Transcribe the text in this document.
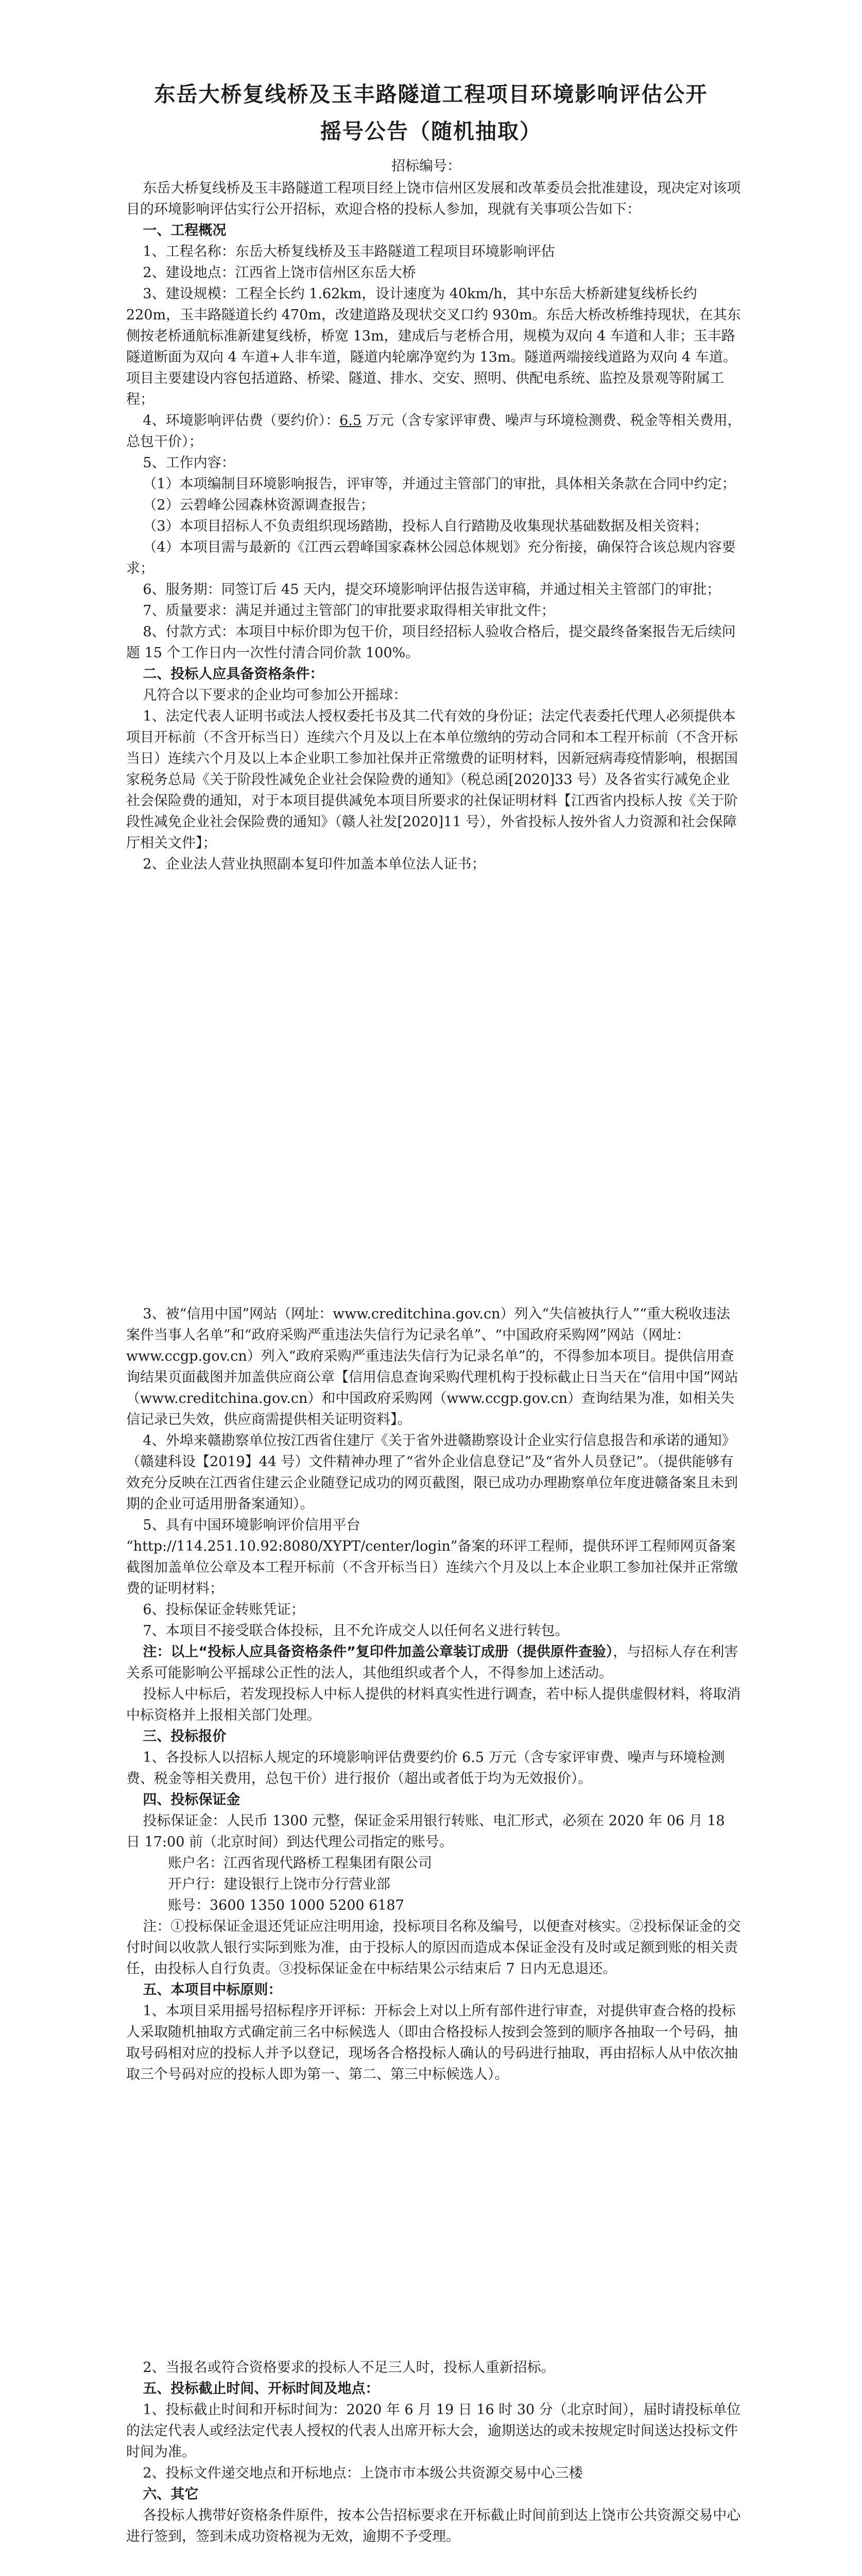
东岳大桥复线桥及玉丰路隧道工程项目环境影响评估公开
摇号公告（随机抽取）
招标编号：

东岳大桥复线桥及玉丰路隧道工程项目经上饶市信州区发展和改革委员会批准建设，现决定对该项目的环境影响评估实行公开招标，欢迎合格的投标人参加，现就有关事项公告如下：

一、工程概况

1、工程名称：东岳大桥复线桥及玉丰路隧道工程项目环境影响评估

2、建设地点：江西省上饶市信州区东岳大桥

3、建设规模：工程全长约 1.62km，设计速度为 40km/h，其中东岳大桥新建复线桥长约 220m，玉丰路隧道长约 470m，改建道路及现状交叉口约 930m。东岳大桥改桥维持现状，在其东侧按老桥通航标准新建复线桥，桥宽 13m，建成后与老桥合用，规模为双向 4 车道和人非；玉丰路隧道断面为双向 4 车道+人非车道，隧道内轮廓净宽约为 13m。隧道两端接线道路为双向 4 车道。项目主要建设内容包括道路、桥梁、隧道、排水、交安、照明、供配电系统、监控及景观等附属工程；

4、环境影响评估费（要约价）：6.5 万元（含专家评审费、噪声与环境检测费、税金等相关费用，总包干价）；

5、工作内容：

（1）本项编制目环境影响报告，评审等，并通过主管部门的审批，具体相关条款在合同中约定；

（2）云碧峰公园森林资源调查报告；

（3）本项目招标人不负责组织现场踏勘，投标人自行踏勘及收集现状基础数据及相关资料；

（4）本项目需与最新的《江西云碧峰国家森林公园总体规划》充分衔接，确保符合该总规内容要求；

6、服务期：同签订后 45 天内，提交环境影响评估报告送审稿，并通过相关主管部门的审批；

7、质量要求：满足并通过主管部门的审批要求取得相关审批文件；

8、付款方式：本项目中标价即为包干价，项目经招标人验收合格后，提交最终备案报告无后续问题 15 个工作日内一次性付清合同价款 100%。

二、投标人应具备资格条件：

凡符合以下要求的企业均可参加公开摇球：

1、法定代表人证明书或法人授权委托书及其二代有效的身份证；法定代表委托代理人必须提供本项目开标前（不含开标当日）连续六个月及以上在本单位缴纳的劳动合同和本工程开标前（不含开标当日）连续六个月及以上本企业职工参加社保并正常缴费的证明材料，因新冠病毒疫情影响，根据国家税务总局《关于阶段性减免企业社会保险费的通知》（税总函[2020]33 号）及各省实行减免企业社会保险费的通知，对于本项目提供减免本项目所要求的社保证明材料【江西省内投标人按《关于阶段性减免企业社会保险费的通知》（赣人社发[2020]11 号），外省投标人按外省人力资源和社会保障厅相关文件】；

2、企业法人营业执照副本复印件加盖本单位法人证书；

3、被“信用中国”网站（网址：www.creditchina.gov.cn）列入“失信被执行人”“重大税收违法案件当事人名单”和“政府采购严重违法失信行为记录名单”、“中国政府采购网”网站（网址：www.ccgp.gov.cn）列入“政府采购严重违法失信行为记录名单”的，不得参加本项目。提供信用查询结果页面截图并加盖供应商公章【信用信息查询采购代理机构于投标截止日当天在“信用中国”网站（www.creditchina.gov.cn）和中国政府采购网（www.ccgp.gov.cn）查询结果为准，如相关失信记录已失效，供应商需提供相关证明资料】。

4、外埠来赣勘察单位按江西省住建厅《关于省外进赣勘察设计企业实行信息报告和承诺的通知》（赣建科设【2019】44 号）文件精神办理了“省外企业信息登记”及“省外人员登记”。（提供能够有效充分反映在江西省住建云企业随登记成功的网页截图，限已成功办理勘察单位年度进赣备案且未到期的企业可适用册备案通知）。

5、具有中国环境影响评价信用平台

“http://114.251.10.92:8080/XYPT/center/login”备案的环评工程师，提供环评工程师网页备案截图加盖单位公章及本工程开标前（不含开标当日）连续六个月及以上本企业职工参加社保并正常缴费的证明材料；

6、投标保证金转账凭证；

7、本项目不接受联合体投标，且不允许成交人以任何名义进行转包。

注：以上“投标人应具备资格条件”复印件加盖公章装订成册（提供原件查验），与招标人存在利害关系可能影响公平摇球公正性的法人，其他组织或者个人，不得参加上述活动。

投标人中标后，若发现投标人中标人提供的材料真实性进行调查，若中标人提供虚假材料，将取消中标资格并上报相关部门处理。

三、投标报价

1、各投标人以招标人规定的环境影响评估费要约价 6.5 万元（含专家评审费、噪声与环境检测费、税金等相关费用，总包干价）进行报价（超出或者低于均为无效报价）。

四、投标保证金

投标保证金：人民币 1300 元整，保证金采用银行转账、电汇形式，必须在 2020 年 06 月 18 日 17:00 前（北京时间）到达代理公司指定的账号。

账户名：江西省现代路桥工程集团有限公司

开户行：建设银行上饶市分行营业部

账号：3600 1350 1000 5200 6187

注：①投标保证金退还凭证应注明用途，投标项目名称及编号，以便查对核实。②投标保证金的交付时间以收款人银行实际到账为准，由于投标人的原因而造成本保证金没有及时或足额到账的相关责任，由投标人自行负责。③投标保证金在中标结果公示结束后 7 日内无息退还。

五、本项目中标原则：

1、本项目采用摇号招标程序开评标：开标会上对以上所有部件进行审查，对提供审查合格的投标人采取随机抽取方式确定前三名中标候选人（即由合格投标人按到会签到的顺序各抽取一个号码，抽取号码相对应的投标人并予以登记，现场各合格投标人确认的号码进行抽取，再由招标人从中依次抽取三个号码对应的投标人即为第一、第二、第三中标候选人）。

2、当报名或符合资格要求的投标人不足三人时，投标人重新招标。

五、投标截止时间、开标时间及地点：

1、投标截止时间和开标时间为：2020 年 6 月 19 日 16 时 30 分（北京时间），届时请投标单位的法定代表人或经法定代表人授权的代表人出席开标大会，逾期送达的或未按规定时间送达投标文件时间为准。

2、投标文件递交地点和开标地点：上饶市市本级公共资源交易中心三楼

六、其它

各投标人携带好资格条件原件，按本公告招标要求在开标截止时间前到达上饶市公共资源交易中心进行签到，签到未成功资格视为无效，逾期不予受理。
